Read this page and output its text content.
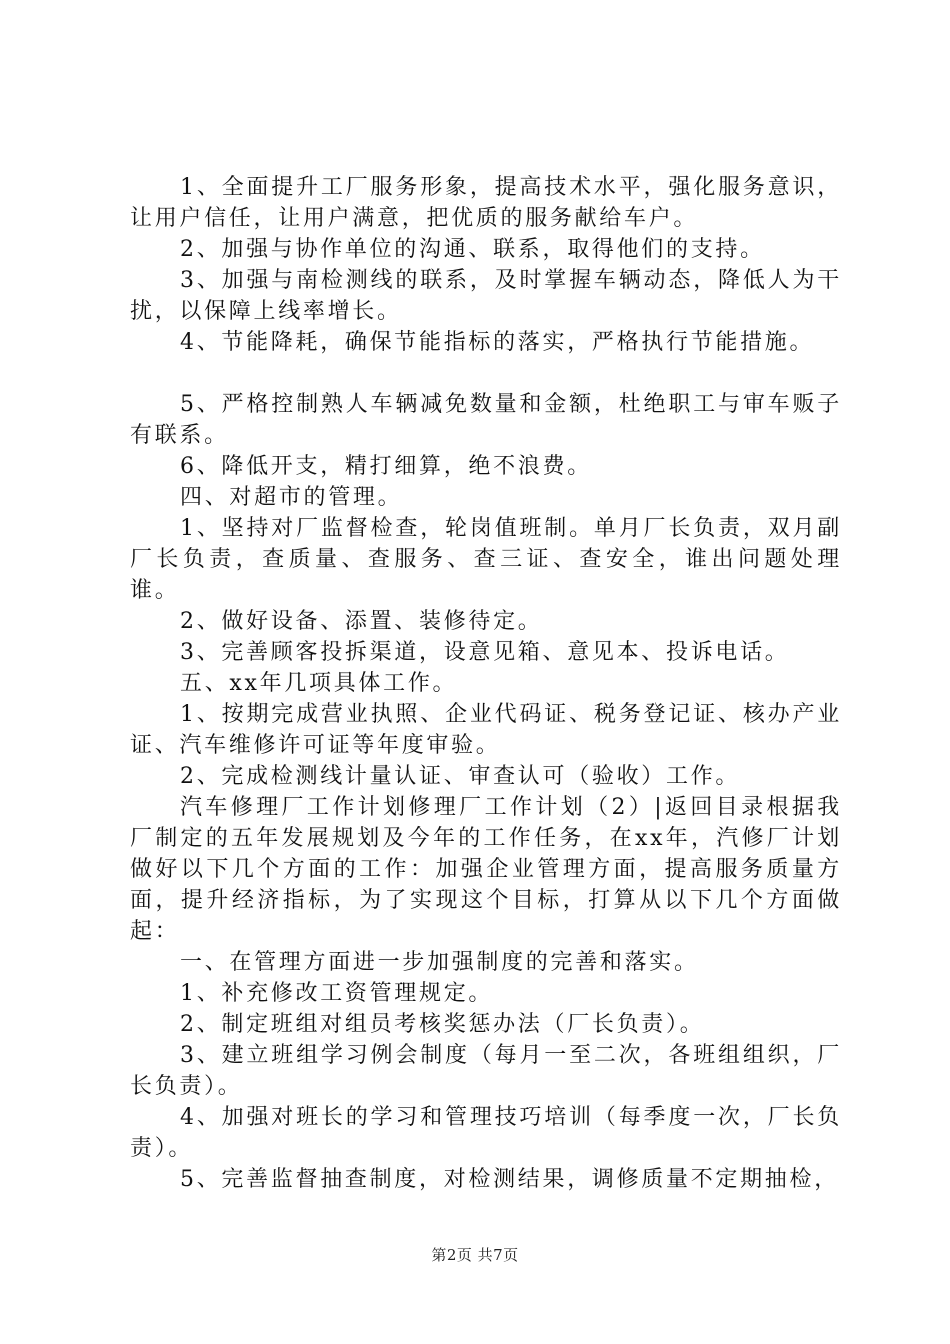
1、全面提升工厂服务形象，提高技术水平，强化服务意识，让用户信任，让用户满意，把优质的服务献给车户。

2、加强与协作单位的沟通、联系，取得他们的支持。

3、加强与南检测线的联系，及时掌握车辆动态，降低人为干扰，以保障上线率增长。

4、节能降耗，确保节能指标的落实，严格执行节能措施。

5、严格控制熟人车辆减免数量和金额，杜绝职工与审车贩子有联系。

6、降低开支，精打细算，绝不浪费。

四、对超市的管理。

1、坚持对厂监督检查，轮岗值班制。单月厂长负责，双月副厂长负责，查质量、查服务、查三证、查安全，谁出问题处理谁。

2、做好设备、添置、装修待定。

3、完善顾客投拆渠道，设意见箱、意见本、投诉电话。

五、xx年几项具体工作。

1、按期完成营业执照、企业代码证、税务登记证、核办产业证、汽车维修许可证等年度审验。

2、完成检测线计量认证、审查认可（验收）工作。

汽车修理厂工作计划修理厂工作计划（2）|返回目录根据我厂制定的五年发展规划及今年的工作任务，在xx年，汽修厂计划做好以下几个方面的工作：加强企业管理方面，提高服务质量方面，提升经济指标，为了实现这个目标，打算从以下几个方面做起：

一、在管理方面进一步加强制度的完善和落实。

1、补充修改工资管理规定。

2、制定班组对组员考核奖惩办法（厂长负责）。

3、建立班组学习例会制度（每月一至二次，各班组组织，厂长负责）。

4、加强对班长的学习和管理技巧培训（每季度一次，厂长负责）。

5、完善监督抽查制度，对检测结果，调修质量不定期抽检，

第2页 共7页
